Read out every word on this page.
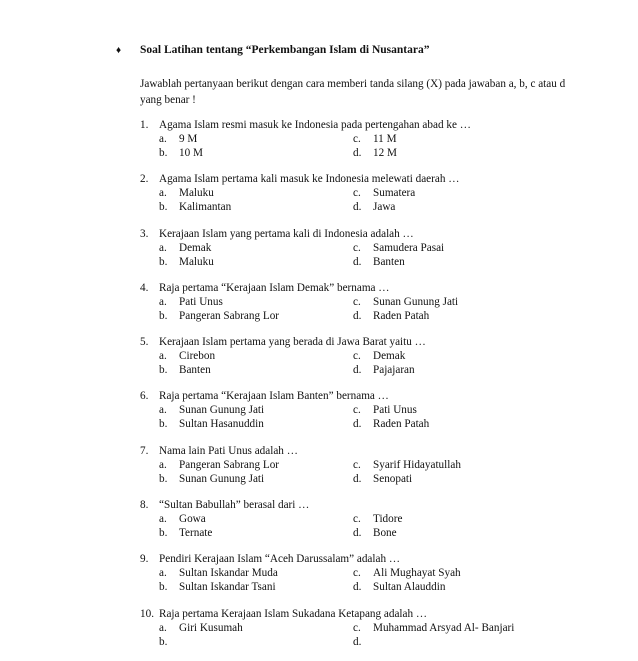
♦ Soal Latihan tentang “Perkembangan Islam di Nusantara”
Jawablah pertanyaan berikut dengan cara memberi tanda silang (X) pada jawaban a, b, c atau d yang benar !
1. Agama Islam resmi masuk ke Indonesia pada pertengahan abad ke …
a. 9 M
b. 10 M
c. 11 M
d. 12 M
2. Agama Islam pertama kali masuk ke Indonesia melewati daerah …
a. Maluku
b. Kalimantan
c. Sumatera
d. Jawa
3. Kerajaan Islam yang pertama kali di Indonesia adalah …
a. Demak
b. Maluku
c. Samudera Pasai
d. Banten
4. Raja pertama “Kerajaan Islam Demak” bernama …
a. Pati Unus
b. Pangeran Sabrang Lor
c. Sunan Gunung Jati
d. Raden Patah
5. Kerajaan Islam pertama yang berada di Jawa Barat yaitu …
a. Cirebon
b. Banten
c. Demak
d. Pajajaran
6. Raja pertama “Kerajaan Islam Banten” bernama …
a. Sunan Gunung Jati
b. Sultan Hasanuddin
c. Pati Unus
d. Raden Patah
7. Nama lain Pati Unus adalah …
a. Pangeran Sabrang Lor
b. Sunan Gunung Jati
c. Syarif Hidayatullah
d. Senopati
8. “Sultan Babullah” berasal dari …
a. Gowa
b. Ternate
c. Tidore
d. Bone
9. Pendiri Kerajaan Islam “Aceh Darussalam” adalah …
a. Sultan Iskandar Muda
b. Sultan Iskandar Tsani
c. Ali Mughayat Syah
d. Sultan Alauddin
10. Raja pertama Kerajaan Islam Sukadana Ketapang adalah …
a. Giri Kusumah
b.
c. Muhammad Arsyad Al- Banjari
d.
